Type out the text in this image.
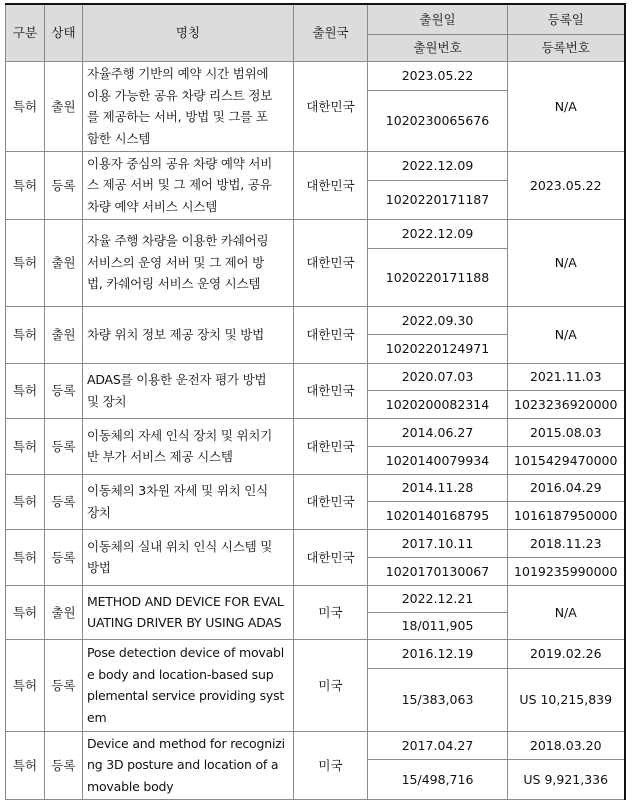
구분	상태	명칭	출원국	출원일	등록일
				출원번호	등록번호
특허	출원	자율주행 기반의 예약 시간 범위에
이용 가능한 공유 차량 리스트 정보
를 제공하는 서버, 방법 및 그를 포
함한 시스템	대한민국	2023.05.22	N/A
				1020230065676	
특허	등록	이용자 중심의 공유 차량 예약 서비
스 제공 서버 및 그 제어 방법, 공유
차량 예약 서비스 시스템	대한민국	2022.12.09	2023.05.22
				1020220171187	
특허	출원	자율 주행 차량을 이용한 카쉐어링
서비스의 운영 서버 및 그 제어 방
법, 카쉐어링 서비스 운영 시스템	대한민국	2022.12.09	N/A
				1020220171188	
특허	출원	차량 위치 정보 제공 장치 및 방법	대한민국	2022.09.30	N/A
				1020220124971	
특허	등록	ADAS를 이용한 운전자 평가 방법
및 장치	대한민국	2020.07.03	2021.11.03
				1020200082314	1023236920000
특허	등록	이동체의 자세 인식 장치 및 위치기
반 부가 서비스 제공 시스템	대한민국	2014.06.27	2015.08.03
				1020140079934	1015429470000
특허	등록	이동체의 3차원 자세 및 위치 인식
장치	대한민국	2014.11.28	2016.04.29
				1020140168795	1016187950000
특허	등록	이동체의 실내 위치 인식 시스템 및
방법	대한민국	2017.10.11	2018.11.23
				1020170130067	1019235990000
특허	출원	METHOD AND DEVICE FOR EVAL
UATING DRIVER BY USING ADAS	미국	2022.12.21	N/A
				18/011,905	
특허	등록	Pose detection device of movabl
e body and location-based sup
plemental service providing syst
em	미국	2016.12.19	2019.02.26
				15/383,063	US 10,215,839
특허	등록	Device and method for recognizi
ng 3D posture and location of a
movable body	미국	2017.04.27	2018.03.20
				15/498,716	US 9,921,336
